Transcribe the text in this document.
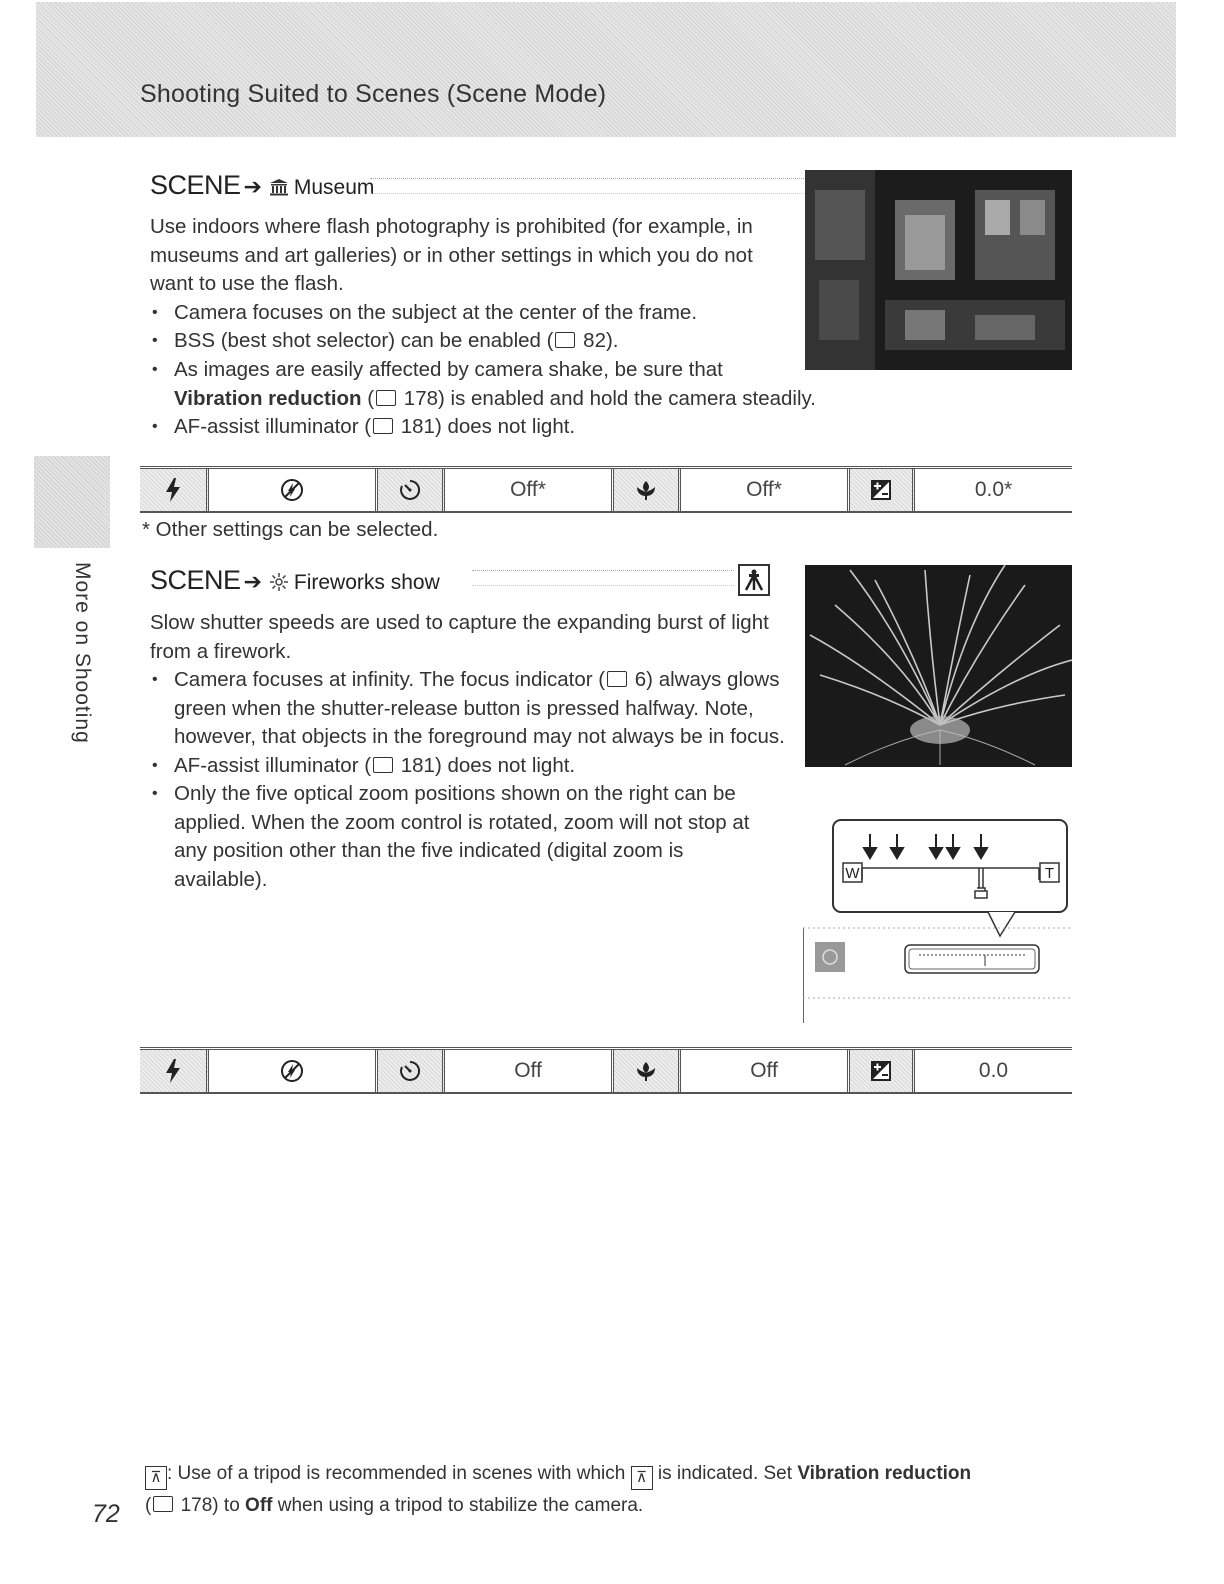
Shooting Suited to Scenes (Scene Mode)
More on Shooting
SCENE ➔ Museum

Use indoors where flash photography is prohibited (for example, in museums and art galleries) or in other settings in which you do not want to use the flash.

• Camera focuses on the subject at the center of the frame.

• BSS (best shot selector) can be enabled ( 82).

• As images are easily affected by camera shake, be sure that
Vibration reduction ( 178) is enabled and hold the camera steadily.

• AF-assist illuminator ( 181) does not light.

Off*	Off*	0.0*
* Other settings can be selected.
SCENE ➔ Fireworks show

Slow shutter speeds are used to capture the expanding burst of light from a firework.

• Camera focuses at infinity. The focus indicator ( 6) always glows green when the shutter-release button is pressed halfway. Note, however, that objects in the foreground may not always be in focus.

• AF-assist illuminator ( 181) does not light.

• Only the five optical zoom positions shown on the right can be applied. When the zoom control is rotated, zoom will not stop at any position other than the five indicated (digital zoom is available).	W	T
Off	Off	0.0
⊼ : Use of a tripod is recommended in scenes with which ⊼ is indicated. Set Vibration reduction
( 178) to Off when using a tripod to stabilize the camera.
72
